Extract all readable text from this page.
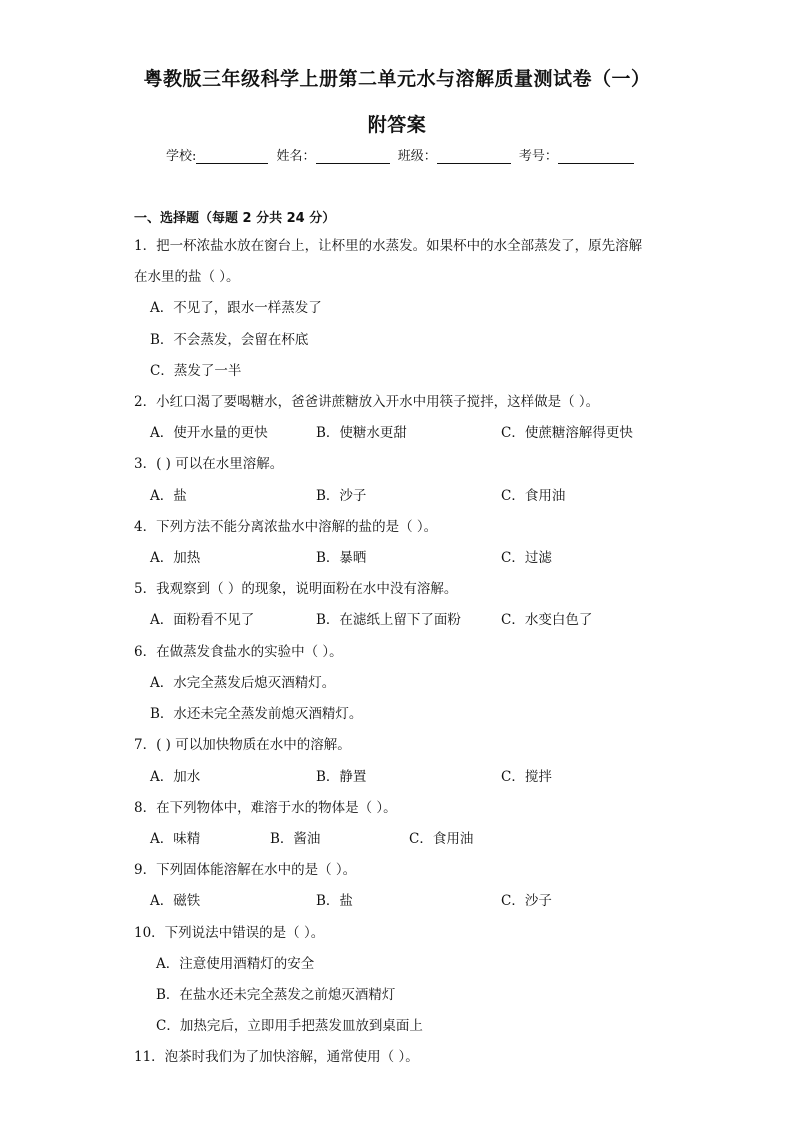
粤教版三年级科学上册第二单元水与溶解质量测试卷（一）
附答案
学校:	姓名：	班级：	考号：
一、选择题（每题 2 分共 24 分）
1．把一杯浓盐水放在窗台上，让杯里的水蒸发。如果杯中的水全部蒸发了，原先溶解
在水里的盐（ ）。
A．不见了，跟水一样蒸发了
B．不会蒸发，会留在杯底
C．蒸发了一半
2．小红口渴了要喝糖水，爸爸讲蔗糖放入开水中用筷子搅拌，这样做是（ ）。
A．使开水量的更快	B．使糖水更甜	C．使蔗糖溶解得更快
3．( ) 可以在水里溶解。
A．盐	B．沙子	C．食用油
4．下列方法不能分离浓盐水中溶解的盐的是（ ）。
A．加热	B．暴晒	C．过滤
5．我观察到（ ）的现象，说明面粉在水中没有溶解。
A．面粉看不见了	B．在滤纸上留下了面粉	C．水变白色了
6．在做蒸发食盐水的实验中（ ）。
A．水完全蒸发后熄灭酒精灯。
B．水还未完全蒸发前熄灭酒精灯。
7．( ) 可以加快物质在水中的溶解。
A．加水	B．静置	C．搅拌
8．在下列物体中，难溶于水的物体是（ ）。
A．味精	B．酱油	C．食用油
9．下列固体能溶解在水中的是（ ）。
A．磁铁	B．盐	C．沙子
10．下列说法中错误的是（ ）。
A．注意使用酒精灯的安全
B．在盐水还未完全蒸发之前熄灭酒精灯
C．加热完后，立即用手把蒸发皿放到桌面上
11．泡茶时我们为了加快溶解，通常使用（ ）。
